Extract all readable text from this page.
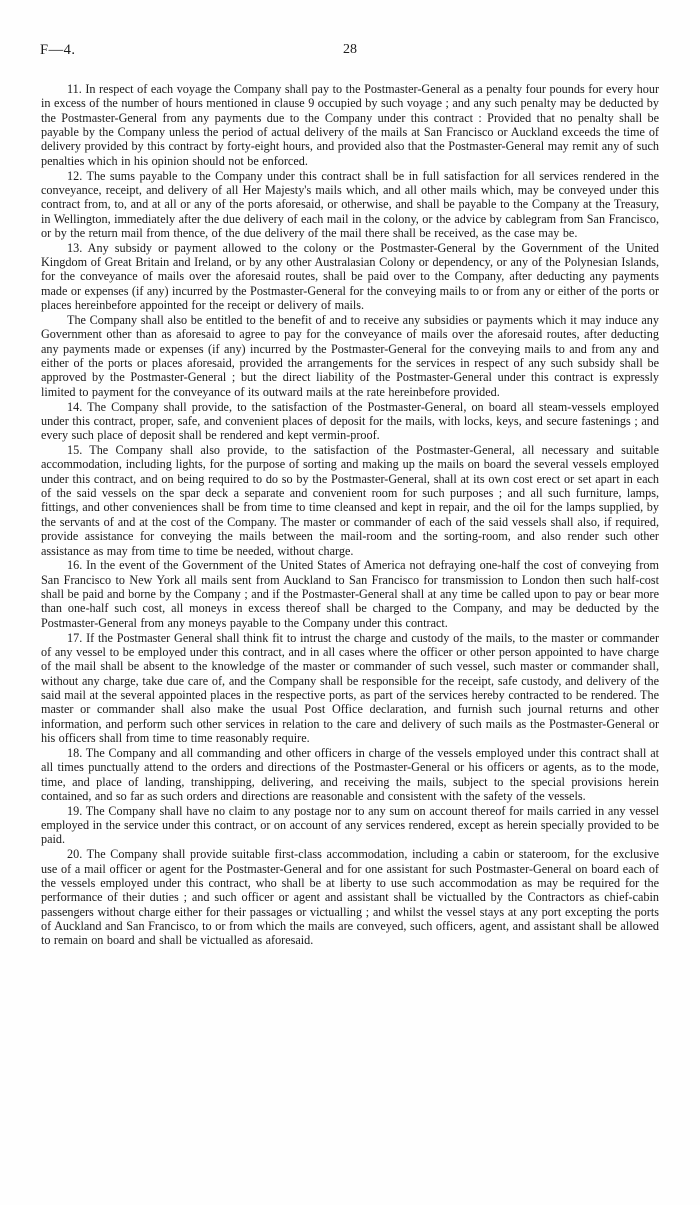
F—4.	28

11. In respect of each voyage the Company shall pay to the Postmaster-General as a penalty four pounds for every hour in excess of the number of hours mentioned in clause 9 occupied by such voyage ; and any such penalty may be deducted by the Postmaster-General from any payments due to the Company under this contract : Provided that no penalty shall be payable by the Company unless the period of actual delivery of the mails at San Francisco or Auckland exceeds the time of delivery provided by this contract by forty-eight hours, and provided also that the Postmaster-General may remit any of such penalties which in his opinion should not be enforced.

12. The sums payable to the Company under this contract shall be in full satisfaction for all services rendered in the conveyance, receipt, and delivery of all Her Majesty's mails which, and all other mails which, may be conveyed under this contract from, to, and at all or any of the ports aforesaid, or otherwise, and shall be payable to the Company at the Treasury, in Wellington, immediately after the due delivery of each mail in the colony, or the advice by cablegram from San Francisco, or by the return mail from thence, of the due delivery of the mail there shall be received, as the case may be.

13. Any subsidy or payment allowed to the colony or the Postmaster-General by the Government of the United Kingdom of Great Britain and Ireland, or by any other Australasian Colony or dependency, or any of the Polynesian Islands, for the conveyance of mails over the aforesaid routes, shall be paid over to the Company, after deducting any payments made or expenses (if any) incurred by the Postmaster-General for the conveying mails to or from any or either of the ports or places hereinbefore appointed for the receipt or delivery of mails.

The Company shall also be entitled to the benefit of and to receive any subsidies or payments which it may induce any Government other than as aforesaid to agree to pay for the conveyance of mails over the aforesaid routes, after deducting any payments made or expenses (if any) incurred by the Postmaster-General for the conveying mails to and from any and either of the ports or places aforesaid, provided the arrangements for the services in respect of any such subsidy shall be approved by the Postmaster-General ; but the direct liability of the Postmaster-General under this contract is expressly limited to payment for the conveyance of its outward mails at the rate hereinbefore provided.

14. The Company shall provide, to the satisfaction of the Postmaster-General, on board all steam-vessels employed under this contract, proper, safe, and convenient places of deposit for the mails, with locks, keys, and secure fastenings ; and every such place of deposit shall be rendered and kept vermin-proof.

15. The Company shall also provide, to the satisfaction of the Postmaster-General, all necessary and suitable accommodation, including lights, for the purpose of sorting and making up the mails on board the several vessels employed under this contract, and on being required to do so by the Postmaster-General, shall at its own cost erect or set apart in each of the said vessels on the spar deck a separate and convenient room for such purposes ; and all such furniture, lamps, fittings, and other conveniences shall be from time to time cleansed and kept in repair, and the oil for the lamps supplied, by the servants of and at the cost of the Company. The master or commander of each of the said vessels shall also, if required, provide assistance for conveying the mails between the mail-room and the sorting-room, and also render such other assistance as may from time to time be needed, without charge.

16. In the event of the Government of the United States of America not defraying one-half the cost of conveying from San Francisco to New York all mails sent from Auckland to San Francisco for transmission to London then such half-cost shall be paid and borne by the Company ; and if the Postmaster-General shall at any time be called upon to pay or bear more than one-half such cost, all moneys in excess thereof shall be charged to the Company, and may be deducted by the Postmaster-General from any moneys payable to the Company under this contract.

17. If the Postmaster General shall think fit to intrust the charge and custody of the mails, to the master or commander of any vessel to be employed under this contract, and in all cases where the officer or other person appointed to have charge of the mail shall be absent to the knowledge of the master or commander of such vessel, such master or commander shall, without any charge, take due care of, and the Company shall be responsible for the receipt, safe custody, and delivery of the said mail at the several appointed places in the respective ports, as part of the services hereby contracted to be rendered. The master or commander shall also make the usual Post Office declaration, and furnish such journal returns and other information, and perform such other services in relation to the care and delivery of such mails as the Postmaster-General or his officers shall from time to time reasonably require.

18. The Company and all commanding and other officers in charge of the vessels employed under this contract shall at all times punctually attend to the orders and directions of the Postmaster-General or his officers or agents, as to the mode, time, and place of landing, transhipping, delivering, and receiving the mails, subject to the special provisions herein contained, and so far as such orders and directions are reasonable and consistent with the safety of the vessels.

19. The Company shall have no claim to any postage nor to any sum on account thereof for mails carried in any vessel employed in the service under this contract, or on account of any services rendered, except as herein specially provided to be paid.

20. The Company shall provide suitable first-class accommodation, including a cabin or stateroom, for the exclusive use of a mail officer or agent for the Postmaster-General and for one assistant for such Postmaster-General on board each of the vessels employed under this contract, who shall be at liberty to use such accommodation as may be required for the performance of their duties ; and such officer or agent and assistant shall be victualled by the Contractors as chief-cabin passengers without charge either for their passages or victualling ; and whilst the vessel stays at any port excepting the ports of Auckland and San Francisco, to or from which the mails are conveyed, such officers, agent, and assistant shall be allowed to remain on board and shall be victualled as aforesaid.
